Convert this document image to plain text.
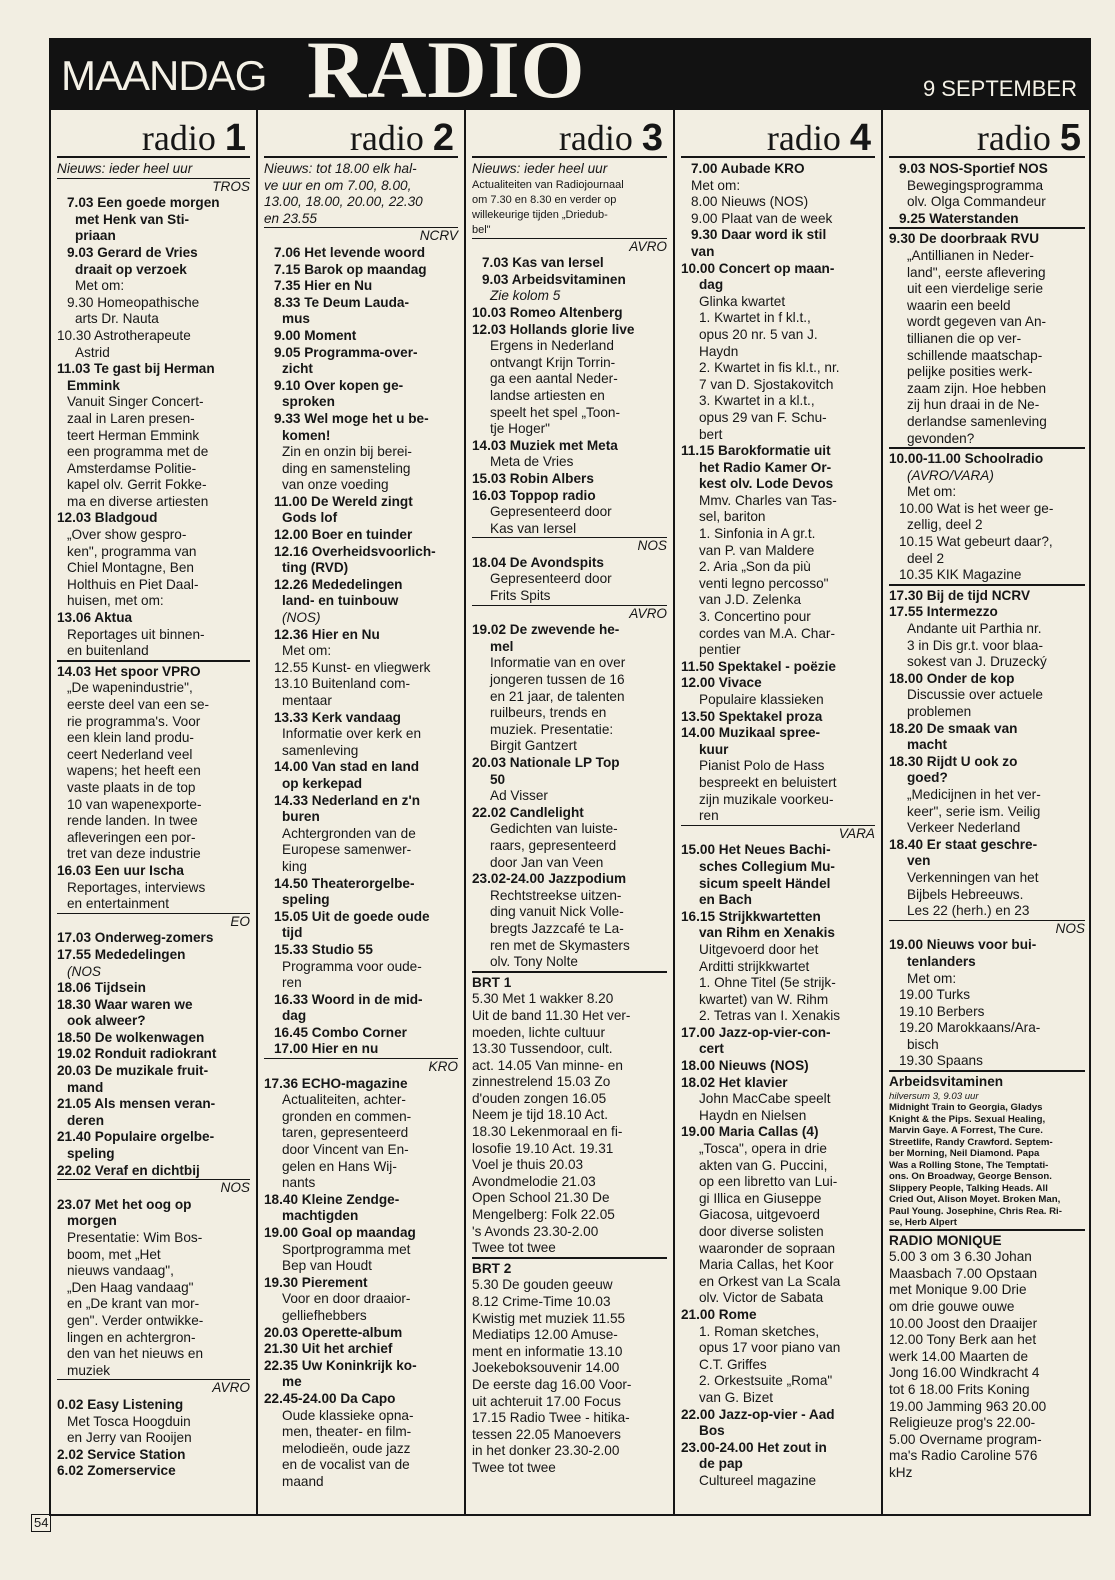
MAANDAG RADIO	9 SEPTEMBER
radio 1

Nieuws: ieder heel uur

TROS

7.03 Een goede morgen

met Henk van Sti-

priaan

9.03 Gerard de Vries

draait op verzoek

Met om:

9.30 Homeopathische

arts Dr. Nauta

10.30 Astrotherapeute

Astrid

11.03 Te gast bij Herman

Emmink

Vanuit Singer Concert-

zaal in Laren presen-

teert Herman Emmink

een programma met de

Amsterdamse Politie-

kapel olv. Gerrit Fokke-

ma en diverse artiesten

12.03 Bladgoud

„Over show gespro-

ken", programma van

Chiel Montagne, Ben

Holthuis en Piet Daal-

huisen, met om:

13.06 Aktua

Reportages uit binnen-

en buitenland

14.03 Het spoor VPRO

„De wapenindustrie",

eerste deel van een se-

rie programma's. Voor

een klein land produ-

ceert Nederland veel

wapens; het heeft een

vaste plaats in de top

10 van wapenexporte-

rende landen. In twee

afleveringen een por-

tret van deze industrie

16.03 Een uur Ischa

Reportages, interviews

en entertainment

EO

17.03 Onderweg-zomers

17.55 Mededelingen

(NOS

18.06 Tijdsein

18.30 Waar waren we

ook alweer?

18.50 De wolkenwagen

19.02 Ronduit radiokrant

20.03 De muzikale fruit-

mand

21.05 Als mensen veran-

deren

21.40 Populaire orgelbe-

speling

22.02 Veraf en dichtbij

NOS

23.07 Met het oog op

morgen

Presentatie: Wim Bos-

boom, met „Het

nieuws vandaag",

„Den Haag vandaag"

en „De krant van mor-

gen". Verder ontwikke-

lingen en achtergron-

den van het nieuws en

muziek

AVRO

0.02 Easy Listening

Met Tosca Hoogduin

en Jerry van Rooijen

2.02 Service Station

6.02 Zomerservice

radio 2

Nieuws: tot 18.00 elk hal-

ve uur en om 7.00, 8.00,

13.00, 18.00, 20.00, 22.30

en 23.55

NCRV

7.06 Het levende woord

7.15 Barok op maandag

7.35 Hier en Nu

8.33 Te Deum Lauda-

mus

9.00 Moment

9.05 Programma-over-

zicht

9.10 Over kopen ge-

sproken

9.33 Wel moge het u be-

komen!

Zin en onzin bij berei-

ding en samensteling

van onze voeding

11.00 De Wereld zingt

Gods lof

12.00 Boer en tuinder

12.16 Overheidsvoorlich-

ting (RVD)

12.26 Mededelingen

land- en tuinbouw

(NOS)

12.36 Hier en Nu

Met om:

12.55 Kunst- en vliegwerk

13.10 Buitenland com-

mentaar

13.33 Kerk vandaag

Informatie over kerk en

samenleving

14.00 Van stad en land

op kerkepad

14.33 Nederland en z'n

buren

Achtergronden van de

Europese samenwer-

king

14.50 Theaterorgelbe-

speling

15.05 Uit de goede oude

tijd

15.33 Studio 55

Programma voor oude-

ren

16.33 Woord in de mid-

dag

16.45 Combo Corner

17.00 Hier en nu

KRO

17.36 ECHO-magazine

Actualiteiten, achter-

gronden en commen-

taren, gepresenteerd

door Vincent van En-

gelen en Hans Wij-

nants

18.40 Kleine Zendge-

machtigden

19.00 Goal op maandag

Sportprogramma met

Bep van Houdt

19.30 Pierement

Voor en door draaior-

gelliefhebbers

20.03 Operette-album

21.30 Uit het archief

22.35 Uw Koninkrijk ko-

me

22.45-24.00 Da Capo

Oude klassieke opna-

men, theater- en film-

melodieën, oude jazz

en de vocalist van de

maand

radio 3

Nieuws: ieder heel uur

Actualiteiten van Radiojournaal

om 7.30 en 8.30 en verder op

willekeurige tijden „Driedub-

bel"

AVRO

7.03 Kas van Iersel

9.03 Arbeidsvitaminen

Zie kolom 5

10.03 Romeo Altenberg

12.03 Hollands glorie live

Ergens in Nederland

ontvangt Krijn Torrin-

ga een aantal Neder-

landse artiesten en

speelt het spel „Toon-

tje Hoger"

14.03 Muziek met Meta

Meta de Vries

15.03 Robin Albers

16.03 Toppop radio

Gepresenteerd door

Kas van Iersel

NOS

18.04 De Avondspits

Gepresenteerd door

Frits Spits

AVRO

19.02 De zwevende he-

mel

Informatie van en over

jongeren tussen de 16

en 21 jaar, de talenten

ruilbeurs, trends en

muziek. Presentatie:

Birgit Gantzert

20.03 Nationale LP Top

50

Ad Visser

22.02 Candlelight

Gedichten van luiste-

raars, gepresenteerd

door Jan van Veen

23.02-24.00 Jazzpodium

Rechtstreekse uitzen-

ding vanuit Nick Volle-

bregts Jazzcafé te La-

ren met de Skymasters

olv. Tony Nolte

BRT 1

5.30 Met 1 wakker 8.20

Uit de band 11.30 Het ver-

moeden, lichte cultuur

13.30 Tussendoor, cult.

act. 14.05 Van minne- en

zinnestrelend 15.03 Zo

d'ouden zongen 16.05

Neem je tijd 18.10 Act.

18.30 Lekenmoraal en fi-

losofie 19.10 Act. 19.31

Voel je thuis 20.03

Avondmelodie 21.03

Open School 21.30 De

Mengelberg: Folk 22.05

's Avonds 23.30-2.00

Twee tot twee

BRT 2

5.30 De gouden geeuw

8.12 Crime-Time 10.03

Kwistig met muziek 11.55

Mediatips 12.00 Amuse-

ment en informatie 13.10

Joekeboksouvenir 14.00

De eerste dag 16.00 Voor-

uit achteruit 17.00 Focus

17.15 Radio Twee - hitika-

tessen 22.05 Manoevers

in het donker 23.30-2.00

Twee tot twee

radio 4

7.00 Aubade KRO

Met om:

8.00 Nieuws (NOS)

9.00 Plaat van de week

9.30 Daar word ik stil

van

10.00 Concert op maan-

dag

Glinka kwartet

1. Kwartet in f kl.t.,

opus 20 nr. 5 van J.

Haydn

2. Kwartet in fis kl.t., nr.

7 van D. Sjostakovitch

3. Kwartet in a kl.t.,

opus 29 van F. Schu-

bert

11.15 Barokformatie uit

het Radio Kamer Or-

kest olv. Lode Devos

Mmv. Charles van Tas-

sel, bariton

1. Sinfonia in A gr.t.

van P. van Maldere

2. Aria „Son da più

venti legno percosso"

van J.D. Zelenka

3. Concertino pour

cordes van M.A. Char-

pentier

11.50 Spektakel - poëzie

12.00 Vivace

Populaire klassieken

13.50 Spektakel proza

14.00 Muzikaal spree-

kuur

Pianist Polo de Hass

bespreekt en beluistert

zijn muzikale voorkeu-

ren

VARA

15.00 Het Neues Bachi-

sches Collegium Mu-

sicum speelt Händel

en Bach

16.15 Strijkkwartetten

van Rihm en Xenakis

Uitgevoerd door het

Arditti strijkkwartet

1. Ohne Titel (5e strijk-

kwartet) van W. Rihm

2. Tetras van I. Xenakis

17.00 Jazz-op-vier-con-

cert

18.00 Nieuws (NOS)

18.02 Het klavier

John MacCabe speelt

Haydn en Nielsen

19.00 Maria Callas (4)

„Tosca", opera in drie

akten van G. Puccini,

op een libretto van Lui-

gi Illica en Giuseppe

Giacosa, uitgevoerd

door diverse solisten

waaronder de sopraan

Maria Callas, het Koor

en Orkest van La Scala

olv. Victor de Sabata

21.00 Rome

1. Roman sketches,

opus 17 voor piano van

C.T. Griffes

2. Orkestsuite „Roma"

van G. Bizet

22.00 Jazz-op-vier - Aad

Bos

23.00-24.00 Het zout in

de pap

Cultureel magazine

radio 5

9.03 NOS-Sportief NOS

Bewegingsprogramma

olv. Olga Commandeur

9.25 Waterstanden

9.30 De doorbraak RVU

„Antillianen in Neder-

land", eerste aflevering

uit een vierdelige serie

waarin een beeld

wordt gegeven van An-

tillianen die op ver-

schillende maatschap-

pelijke posities werk-

zaam zijn. Hoe hebben

zij hun draai in de Ne-

derlandse samenleving

gevonden?

10.00-11.00 Schoolradio

(AVRO/VARA)

Met om:

10.00 Wat is het weer ge-

zellig, deel 2

10.15 Wat gebeurt daar?,

deel 2

10.35 KIK Magazine

17.30 Bij de tijd NCRV

17.55 Intermezzo

Andante uit Parthia nr.

3 in Dis gr.t. voor blaa-

sokest van J. Druzecký

18.00 Onder de kop

Discussie over actuele

problemen

18.20 De smaak van

macht

18.30 Rijdt U ook zo

goed?

„Medicijnen in het ver-

keer", serie ism. Veilig

Verkeer Nederland

18.40 Er staat geschre-

ven

Verkenningen van het

Bijbels Hebreeuws.

Les 22 (herh.) en 23

NOS

19.00 Nieuws voor bui-

tenlanders

Met om:

19.00 Turks

19.10 Berbers

19.20 Marokkaans/Ara-

bisch

19.30 Spaans

Arbeidsvitaminen

hilversum 3, 9.03 uur

Midnight Train to Georgia, Gladys

Knight & the Pips. Sexual Healing,

Marvin Gaye. A Forrest, The Cure.

Streetlife, Randy Crawford. Septem-

ber Morning, Neil Diamond. Papa

Was a Rolling Stone, The Temptati-

ons. On Broadway, George Benson.

Slippery People, Talking Heads. All

Cried Out, Alison Moyet. Broken Man,

Paul Young. Josephine, Chris Rea. Ri-

se, Herb Alpert

RADIO MONIQUE

5.00 3 om 3 6.30 Johan

Maasbach 7.00 Opstaan

met Monique 9.00 Drie

om drie gouwe ouwe

10.00 Joost den Draaijer

12.00 Tony Berk aan het

werk 14.00 Maarten de

Jong 16.00 Windkracht 4

tot 6 18.00 Frits Koning

19.00 Jamming 963 20.00

Religieuze prog's 22.00-

5.00 Overname program-

ma's Radio Caroline 576

kHz

54
